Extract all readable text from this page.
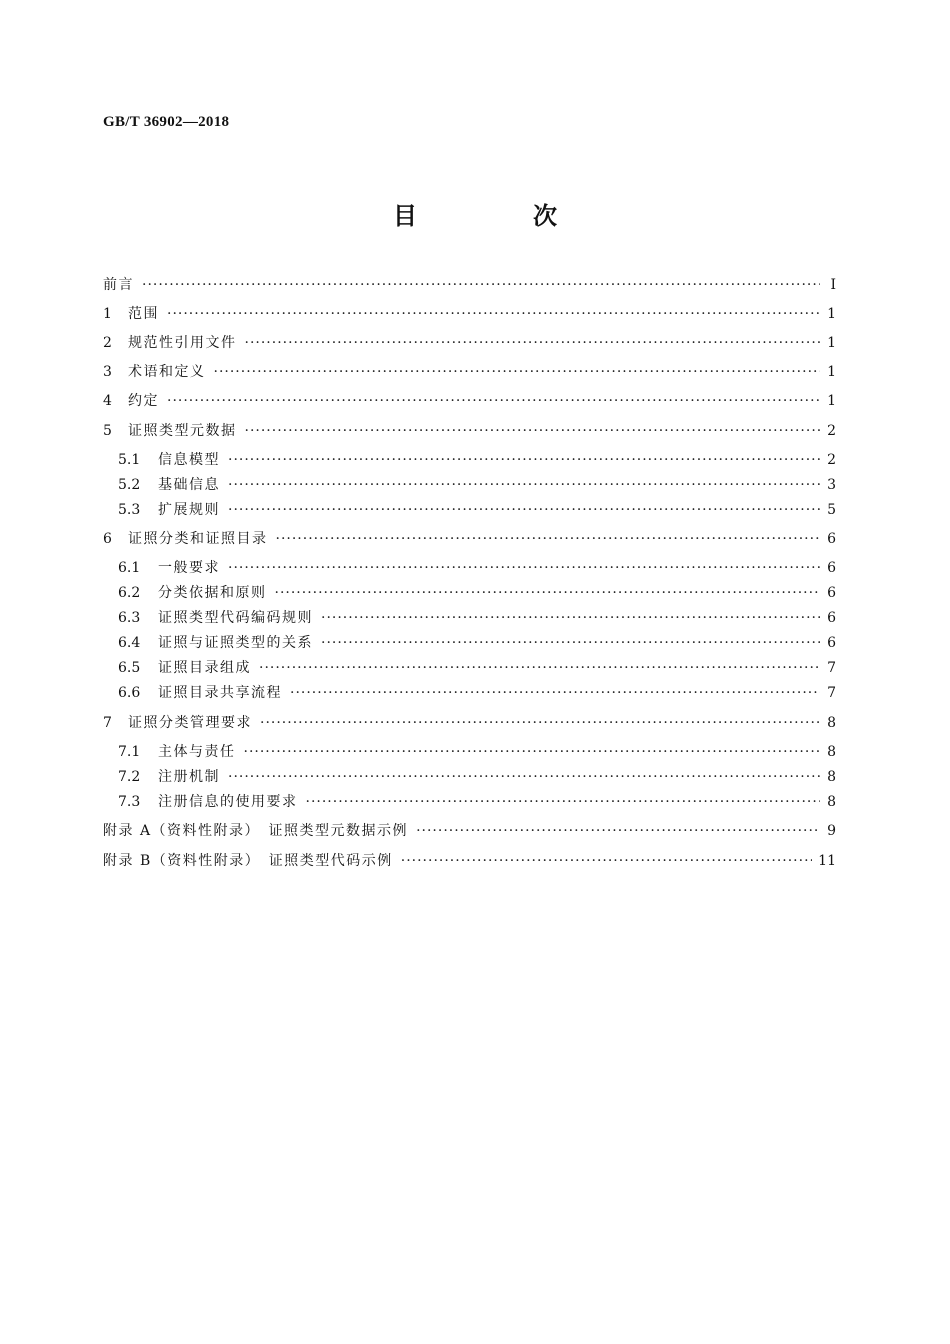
GB/T 36902—2018
目　次
前言 ·····	Ⅰ
1	范围 ·····	1
2	规范性引用文件 ·····	1
3	术语和定义 ·····	1
4	约定 ·····	1
5	证照类型元数据 ·····	2
5.1	信息模型 ·····	2
5.2	基础信息 ·····	3
5.3	扩展规则 ·····	5
6	证照分类和证照目录 ·····	6
6.1	一般要求 ·····	6
6.2	分类依据和原则 ·····	6
6.3	证照类型代码编码规则 ·····	6
6.4	证照与证照类型的关系 ·····	6
6.5	证照目录组成 ·····	7
6.6	证照目录共享流程 ·····	7
7	证照分类管理要求 ·····	8
7.1	主体与责任 ·····	8
7.2	注册机制 ·····	8
7.3	注册信息的使用要求 ·····	8
附录 A（资料性附录）　证照类型元数据示例 ·····	9
附录 B（资料性附录）　证照类型代码示例 ·····	11
